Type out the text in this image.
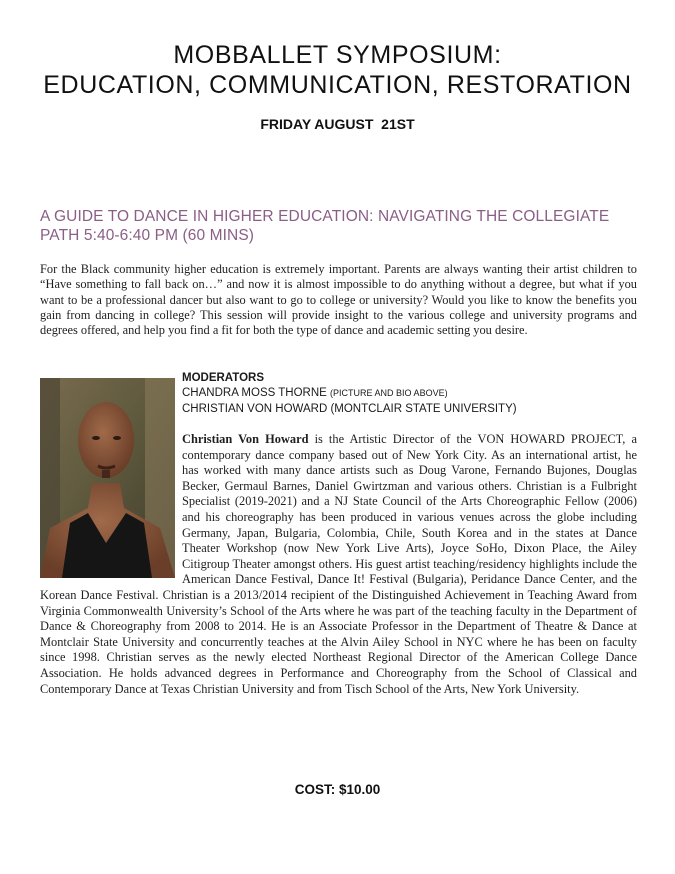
MOBBALLET SYMPOSIUM:
EDUCATION, COMMUNICATION, RESTORATION
FRIDAY AUGUST  21ST
A GUIDE TO DANCE IN HIGHER EDUCATION: NAVIGATING THE COLLEGIATE PATH 5:40-6:40 PM (60 MINS)
For the Black community higher education is extremely important. Parents are always wanting their artist children to “Have something to fall back on…” and now it is almost impossible to do anything without a degree, but what if you want to be a professional dancer but also want to go to college or university? Would you like to know the benefits you gain from dancing in college? This session will provide insight to the various college and university programs and degrees offered, and help you find a fit for both the type of dance and academic setting you desire.
MODERATORS
CHANDRA MOSS THORNE (PICTURE AND BIO ABOVE)
CHRISTIAN VON HOWARD (MONTCLAIR STATE UNIVERSITY)
Christian Von Howard is the Artistic Director of the VON HOWARD PROJECT, a contemporary dance company based out of New York City. As an international artist, he has worked with many dance artists such as Doug Varone, Fernando Bujones, Douglas Becker, Germaul Barnes, Daniel Gwirtzman and various others. Christian is a Fulbright Specialist (2019-2021) and a NJ State Council of the Arts Choreographic Fellow (2006) and his choreography has been produced in various venues across the globe including Germany, Japan, Bulgaria, Colombia, Chile, South Korea and in the states at Dance Theater Workshop (now New York Live Arts), Joyce SoHo, Dixon Place, the Ailey Citigroup Theater amongst others. His guest artist teaching/residency highlights include the American Dance Festival, Dance It! Festival (Bulgaria), Peridance Dance Center, and the Korean Dance Festival. Christian is a 2013/2014 recipient of the Distinguished Achievement in Teaching Award from Virginia Commonwealth University’s School of the Arts where he was part of the teaching faculty in the Department of Dance & Choreography from 2008 to 2014. He is an Associate Professor in the Department of Theatre & Dance at Montclair State University and concurrently teaches at the Alvin Ailey School in NYC where he has been on faculty since 1998. Christian serves as the newly elected Northeast Regional Director of the American College Dance Association. He holds advanced degrees in Performance and Choreography from the School of Classical and Contemporary Dance at Texas Christian University and from Tisch School of the Arts, New York University.
COST: $10.00
